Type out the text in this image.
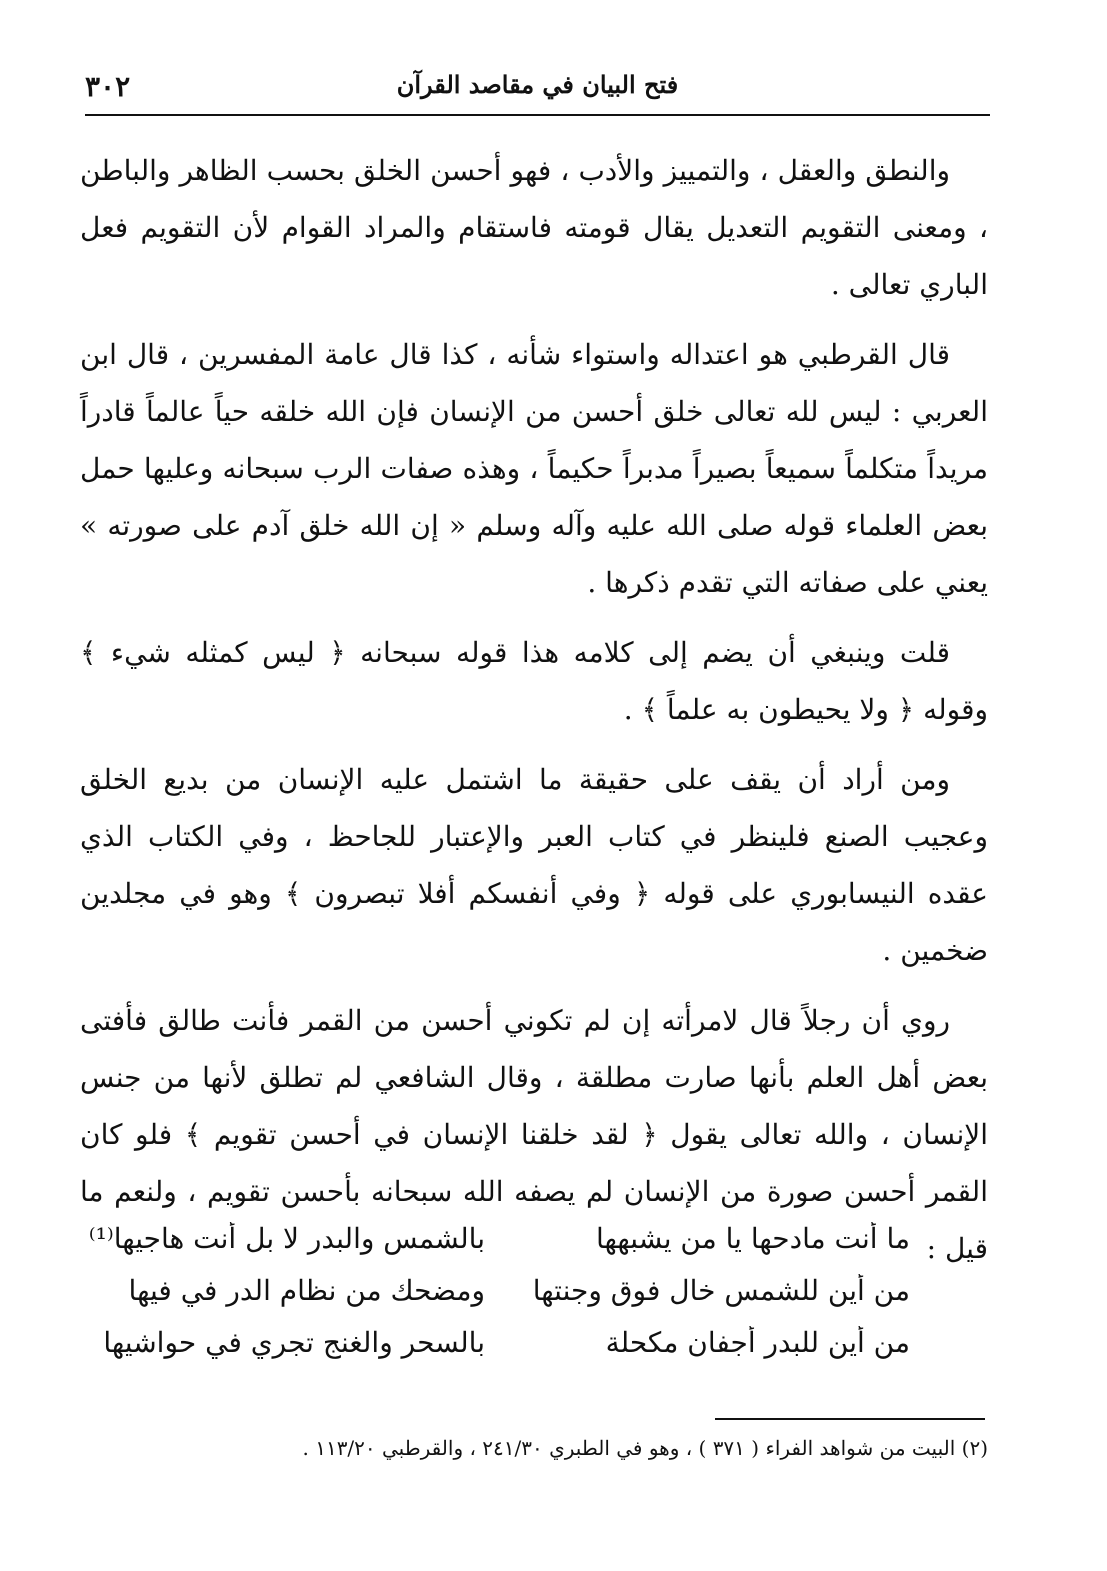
٣٠٢	فتح البيان في مقاصد القرآن

والنطق والعقل ، والتمييز والأدب ، فهو أحسن الخلق بحسب الظاهر والباطن ، ومعنى التقويم التعديل يقال قومته فاستقام والمراد القوام لأن التقويم فعل الباري تعالى .

قال القرطبي هو اعتداله واستواء شأنه ، كذا قال عامة المفسرين ، قال ابن العربي : ليس لله تعالى خلق أحسن من الإنسان فإن الله خلقه حياً عالماً قادراً مريداً متكلماً سميعاً بصيراً مدبراً حكيماً ، وهذه صفات الرب سبحانه وعليها حمل بعض العلماء قوله صلى الله عليه وآله وسلم « إن الله خلق آدم على صورته » يعني على صفاته التي تقدم ذكرها .

قلت وينبغي أن يضم إلى كلامه هذا قوله سبحانه ﴿ ليس كمثله شيء ﴾ وقوله ﴿ ولا يحيطون به علماً ﴾ .

ومن أراد أن يقف على حقيقة ما اشتمل عليه الإنسان من بديع الخلق وعجيب الصنع فلينظر في كتاب العبر والإعتبار للجاحظ ، وفي الكتاب الذي عقده النيسابوري على قوله ﴿ وفي أنفسكم أفلا تبصرون ﴾ وهو في مجلدين ضخمين .

روي أن رجلاً قال لامرأته إن لم تكوني أحسن من القمر فأنت طالق فأفتى بعض أهل العلم بأنها صارت مطلقة ، وقال الشافعي لم تطلق لأنها من جنس الإنسان ، والله تعالى يقول ﴿ لقد خلقنا الإنسان في أحسن تقويم ﴾ فلو كان القمر أحسن صورة من الإنسان لم يصفه الله سبحانه بأحسن تقويم ، ولنعم ما قيل :

ما أنت مادحها يا من يشبهها
بالشمس والبدر لا بل أنت هاجيها⁽¹⁾
من أين للشمس خال فوق وجنتها
ومضحك من نظام الدر في فيها
من أين للبدر أجفان مكحلة
بالسحر والغنج تجري في حواشيها
(٢) البيت من شواهد الفراء ( ٣٧١ ) ، وهو في الطبري ٢٤١/٣٠ ، والقرطبي ١١٣/٢٠ .
